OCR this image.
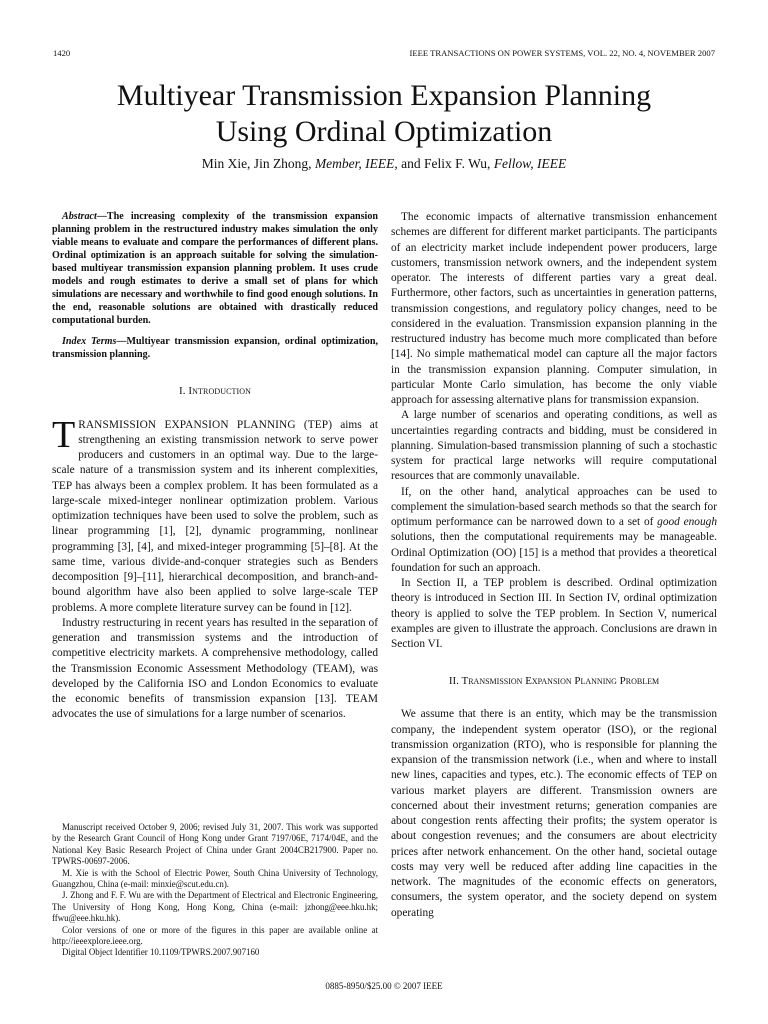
1420	IEEE TRANSACTIONS ON POWER SYSTEMS, VOL. 22, NO. 4, NOVEMBER 2007
Multiyear Transmission Expansion Planning
Using Ordinal Optimization
Min Xie, Jin Zhong, Member, IEEE, and Felix F. Wu, Fellow, IEEE

Abstract—The increasing complexity of the transmission expansion planning problem in the restructured industry makes simulation the only viable means to evaluate and compare the performances of different plans. Ordinal optimization is an approach suitable for solving the simulation-based multiyear transmission expansion planning problem. It uses crude models and rough estimates to derive a small set of plans for which simulations are necessary and worthwhile to find good enough solutions. In the end, reasonable solutions are obtained with drastically reduced computational burden.

Index Terms—Multiyear transmission expansion, ordinal optimization, transmission planning.

I. Introduction

TRANSMISSION EXPANSION PLANNING (TEP) aims at strengthening an existing transmission network to serve power producers and customers in an optimal way. Due to the large-scale nature of a transmission system and its inherent complexities, TEP has always been a complex problem. It has been formulated as a large-scale mixed-integer nonlinear optimization problem. Various optimization techniques have been used to solve the problem, such as linear programming [1], [2], dynamic programming, nonlinear programming [3], [4], and mixed-integer programming [5]–[8]. At the same time, various divide-and-conquer strategies such as Benders decomposition [9]–[11], hierarchical decomposition, and branch-and-bound algorithm have also been applied to solve large-scale TEP problems. A more complete literature survey can be found in [12].

Industry restructuring in recent years has resulted in the separation of generation and transmission systems and the introduction of competitive electricity markets. A comprehensive methodology, called the Transmission Economic Assessment Methodology (TEAM), was developed by the California ISO and London Economics to evaluate the economic benefits of transmission expansion [13]. TEAM advocates the use of simulations for a large number of scenarios.

Manuscript received October 9, 2006; revised July 31, 2007. This work was supported by the Research Grant Council of Hong Kong under Grant 7197/06E, 7174/04E, and the National Key Basic Research Project of China under Grant 2004CB217900. Paper no. TPWRS-00697-2006.

M. Xie is with the School of Electric Power, South China University of Technology, Guangzhou, China (e-mail: minxie@scut.edu.cn).

J. Zhong and F. F. Wu are with the Department of Electrical and Electronic Engineering, The University of Hong Kong, Hong Kong, China (e-mail: jzhong@eee.hku.hk; ffwu@eee.hku.hk).

Color versions of one or more of the figures in this paper are available online at http://ieeexplore.ieee.org.

Digital Object Identifier 10.1109/TPWRS.2007.907160

The economic impacts of alternative transmission enhancement schemes are different for different market participants. The participants of an electricity market include independent power producers, large customers, transmission network owners, and the independent system operator. The interests of different parties vary a great deal. Furthermore, other factors, such as uncertainties in generation patterns, transmission congestions, and regulatory policy changes, need to be considered in the evaluation. Transmission expansion planning in the restructured industry has become much more complicated than before [14]. No simple mathematical model can capture all the major factors in the transmission expansion planning. Computer simulation, in particular Monte Carlo simulation, has become the only viable approach for assessing alternative plans for transmission expansion.

A large number of scenarios and operating conditions, as well as uncertainties regarding contracts and bidding, must be considered in planning. Simulation-based transmission planning of such a stochastic system for practical large networks will require computational resources that are commonly unavailable.

If, on the other hand, analytical approaches can be used to complement the simulation-based search methods so that the search for optimum performance can be narrowed down to a set of good enough solutions, then the computational requirements may be manageable. Ordinal Optimization (OO) [15] is a method that provides a theoretical foundation for such an approach.

In Section II, a TEP problem is described. Ordinal optimization theory is introduced in Section III. In Section IV, ordinal optimization theory is applied to solve the TEP problem. In Section V, numerical examples are given to illustrate the approach. Conclusions are drawn in Section VI.

II. Transmission Expansion Planning Problem

We assume that there is an entity, which may be the transmission company, the independent system operator (ISO), or the regional transmission organization (RTO), who is responsible for planning the expansion of the transmission network (i.e., when and where to install new lines, capacities and types, etc.). The economic effects of TEP on various market players are different. Transmission owners are concerned about their investment returns; generation companies are about congestion rents affecting their profits; the system operator is about congestion revenues; and the consumers are about electricity prices after network enhancement. On the other hand, societal outage costs may very well be reduced after adding line capacities in the network. The magnitudes of the economic effects on generators, consumers, the system operator, and the society depend on system operating

0885-8950/$25.00 © 2007 IEEE
